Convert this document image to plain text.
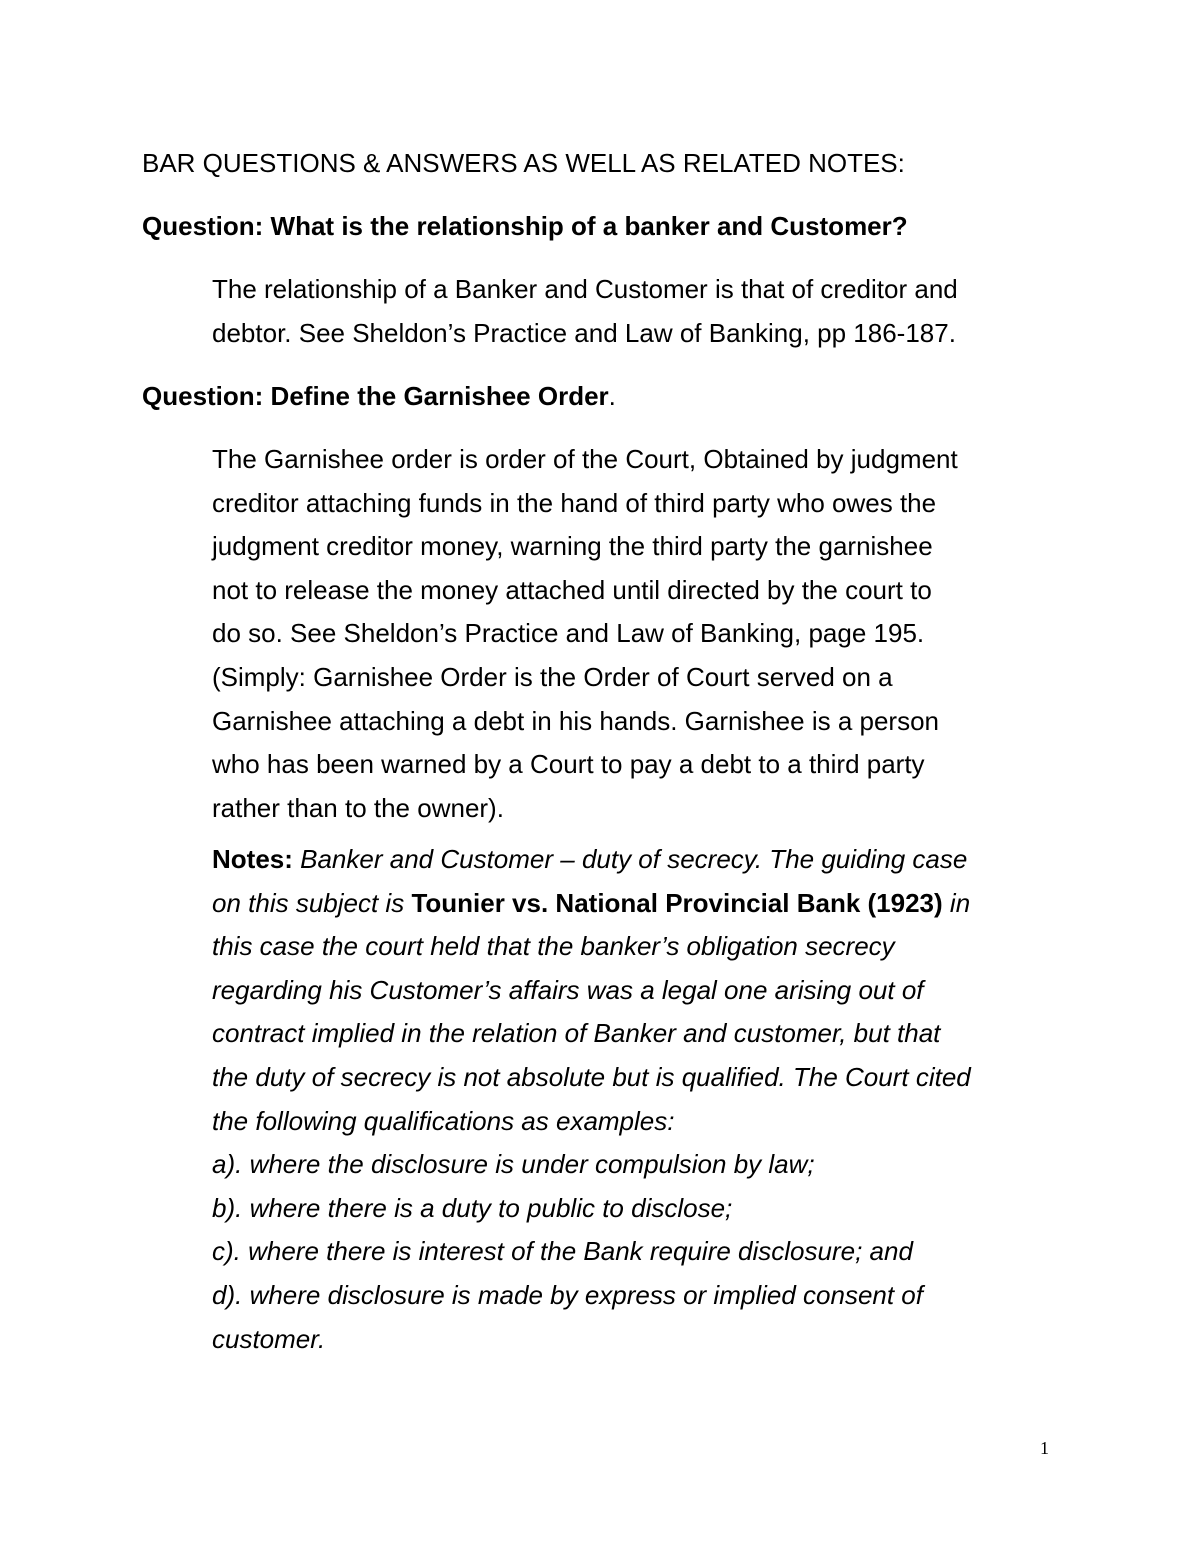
BAR QUESTIONS & ANSWERS AS WELL AS RELATED NOTES:
Question: What is the relationship of a banker and Customer?

The relationship of a Banker and Customer is that of creditor and
debtor. See Sheldon’s Practice and Law of Banking, pp 186-187.

Question: Define the Garnishee Order.

The Garnishee order is order of the Court, Obtained by judgment
creditor attaching funds in the hand of third party who owes the
judgment creditor money, warning the third party the garnishee
not to release the money attached until directed by the court to
do so. See Sheldon’s Practice and Law of Banking, page 195.
(Simply: Garnishee Order is the Order of Court served on a
Garnishee attaching a debt in his hands. Garnishee is a person
who has been warned by a Court to pay a debt to a third party
rather than to the owner).

Notes: Banker and Customer – duty of secrecy. The guiding case
on this subject is Tounier vs. National Provincial Bank (1923) in
this case the court held that the banker’s obligation secrecy
regarding his Customer’s affairs was a legal one arising out of
contract implied in the relation of Banker and customer, but that
the duty of secrecy is not absolute but is qualified. The Court cited
the following qualifications as examples:
a). where the disclosure is under compulsion by law;
b). where there is a duty to public to disclose;
c). where there is interest of the Bank require disclosure; and
d). where disclosure is made by express or implied consent of
customer.

1
